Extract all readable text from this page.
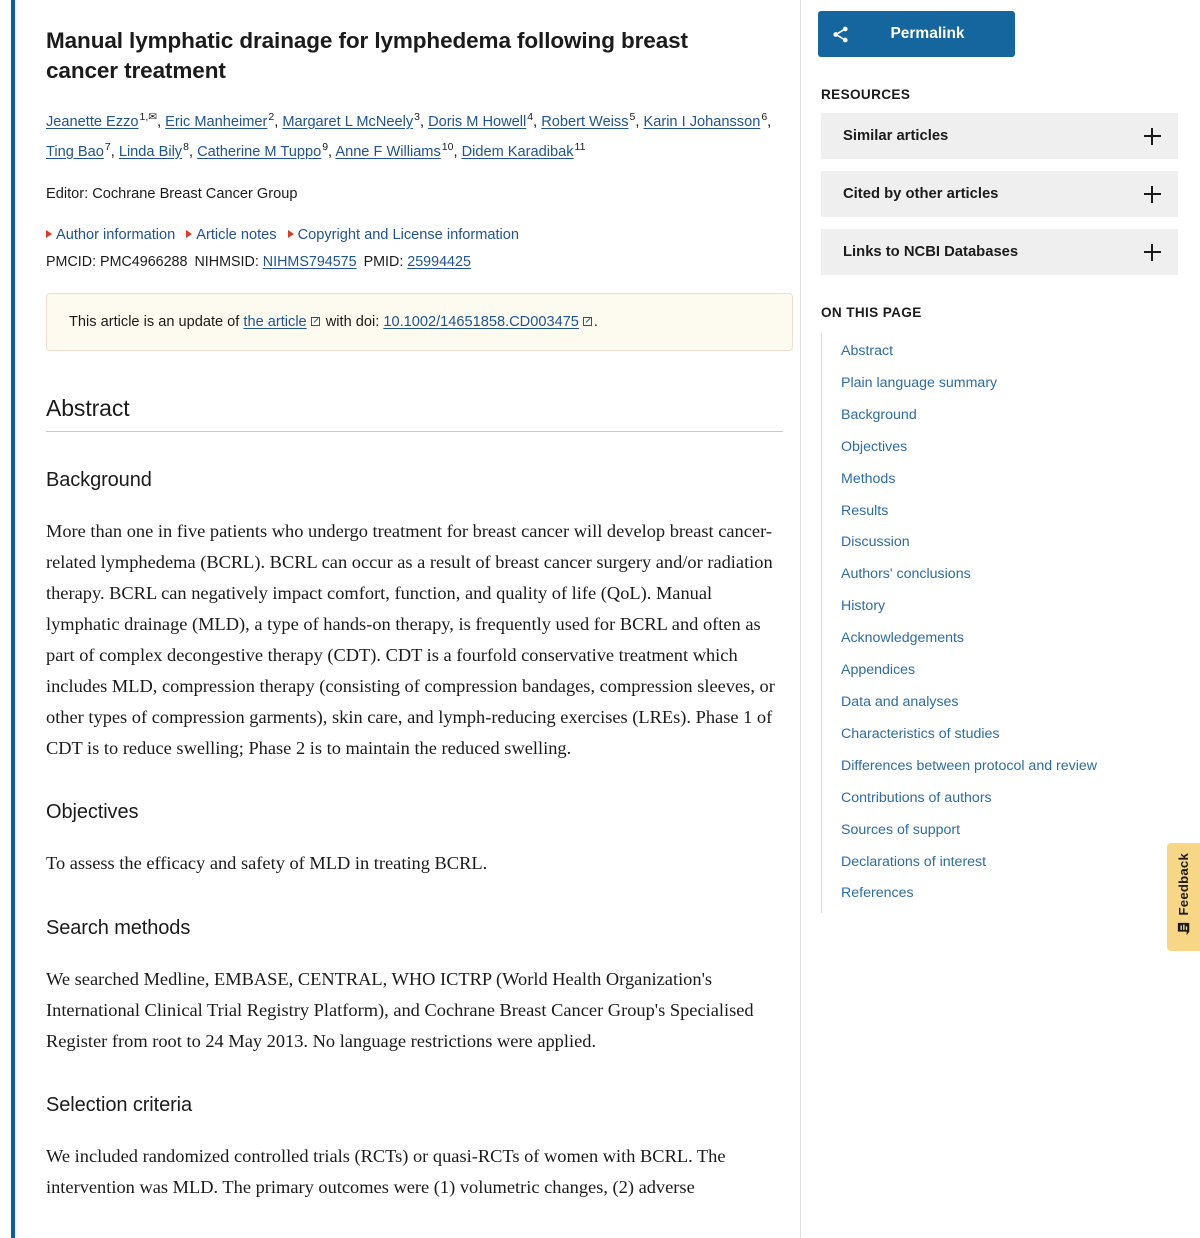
Manual lymphatic drainage for lymphedema following breast cancer treatment
Jeanette Ezzo$^{1,✉}$, Eric Manheimer$^2$, Margaret L McNeely$^3$, Doris M Howell$^4$, Robert Weiss$^5$, Karin I Johansson$^6$, Ting Bao$^7$, Linda Bily$^8$, Catherine M Tuppo$^9$, Anne F Williams$^{10}$, Didem Karadibak$^{11}$
Editor: Cochrane Breast Cancer Group
Author information Article notes Copyright and License information
PMCID: PMC4966288 NIHMSID: NIHMS794575 PMID: 25994425
This article is an update of the article with doi: 10.1002/14651858.CD003475 .
Abstract
Background

More than one in five patients who undergo treatment for breast cancer will develop breast cancer-related lymphedema (BCRL). BCRL can occur as a result of breast cancer surgery and/or radiation therapy. BCRL can negatively impact comfort, function, and quality of life (QoL). Manual lymphatic drainage (MLD), a type of hands-on therapy, is frequently used for BCRL and often as part of complex decongestive therapy (CDT). CDT is a fourfold conservative treatment which includes MLD, compression therapy (consisting of compression bandages, compression sleeves, or other types of compression garments), skin care, and lymph-reducing exercises (LREs). Phase 1 of CDT is to reduce swelling; Phase 2 is to maintain the reduced swelling.

Objectives

To assess the efficacy and safety of MLD in treating BCRL.

Search methods

We searched Medline, EMBASE, CENTRAL, WHO ICTRP (World Health Organization's International Clinical Trial Registry Platform), and Cochrane Breast Cancer Group's Specialised Register from root to 24 May 2013. No language restrictions were applied.

Selection criteria

We included randomized controlled trials (RCTs) or quasi-RCTs of women with BCRL. The intervention was MLD. The primary outcomes were (1) volumetric changes, (2) adverse

Permalink
RESOURCES
Similar articles
Cited by other articles
Links to NCBI Databases
ON THIS PAGE
Abstract
Plain language summary
Background
Objectives
Methods
Results
Discussion
Authors' conclusions
History
Acknowledgements
Appendices
Data and analyses
Characteristics of studies
Differences between protocol and review
Contributions of authors
Sources of support
Declarations of interest
References	Feedback
